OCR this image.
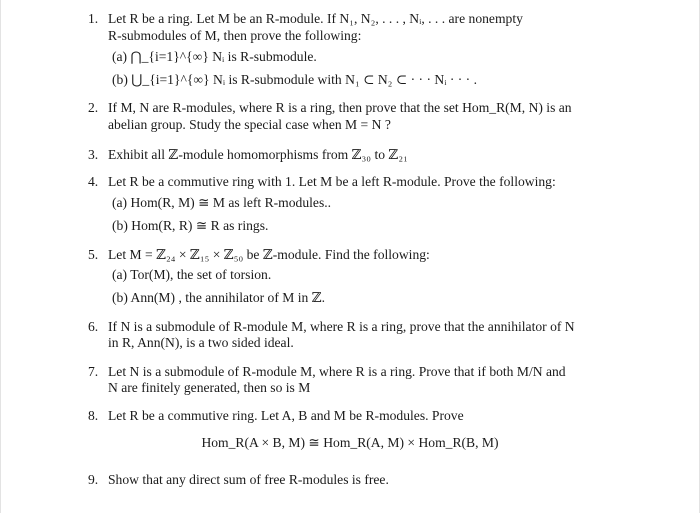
1. Let R be a ring. Let M be an R-module. If N₁, N₂, . . . , Nᵢ, . . . are nonempty
R-submodules of M, then prove the following:
(a) ⋂_{i=1}^{∞} Nᵢ is R-submodule.
(b) ⋃_{i=1}^{∞} Nᵢ is R-submodule with N₁ ⊂ N₂ ⊂ · · · Nᵢ · · · .
2. If M, N are R-modules, where R is a ring, then prove that the set Hom_R(M, N) is an
abelian group. Study the special case when M = N ?
3. Exhibit all ℤ-module homomorphisms from ℤ₃₀ to ℤ₂₁
4. Let R be a commutive ring with 1. Let M be a left R-module. Prove the following:
(a) Hom(R, M) ≅ M as left R-modules..
(b) Hom(R, R) ≅ R as rings.
5. Let M = ℤ₂₄ × ℤ₁₅ × ℤ₅₀ be ℤ-module. Find the following:
(a) Tor(M), the set of torsion.
(b) Ann(M) , the annihilator of M in ℤ.
6. If N is a submodule of R-module M, where R is a ring, prove that the annihilator of N
in R, Ann(N), is a two sided ideal.
7. Let N is a submodule of R-module M, where R is a ring. Prove that if both M/N and
N are finitely generated, then so is M
8. Let R be a commutive ring. Let A, B and M be R-modules. Prove
Hom_R(A × B, M) ≅ Hom_R(A, M) × Hom_R(B, M)
9. Show that any direct sum of free R-modules is free.
